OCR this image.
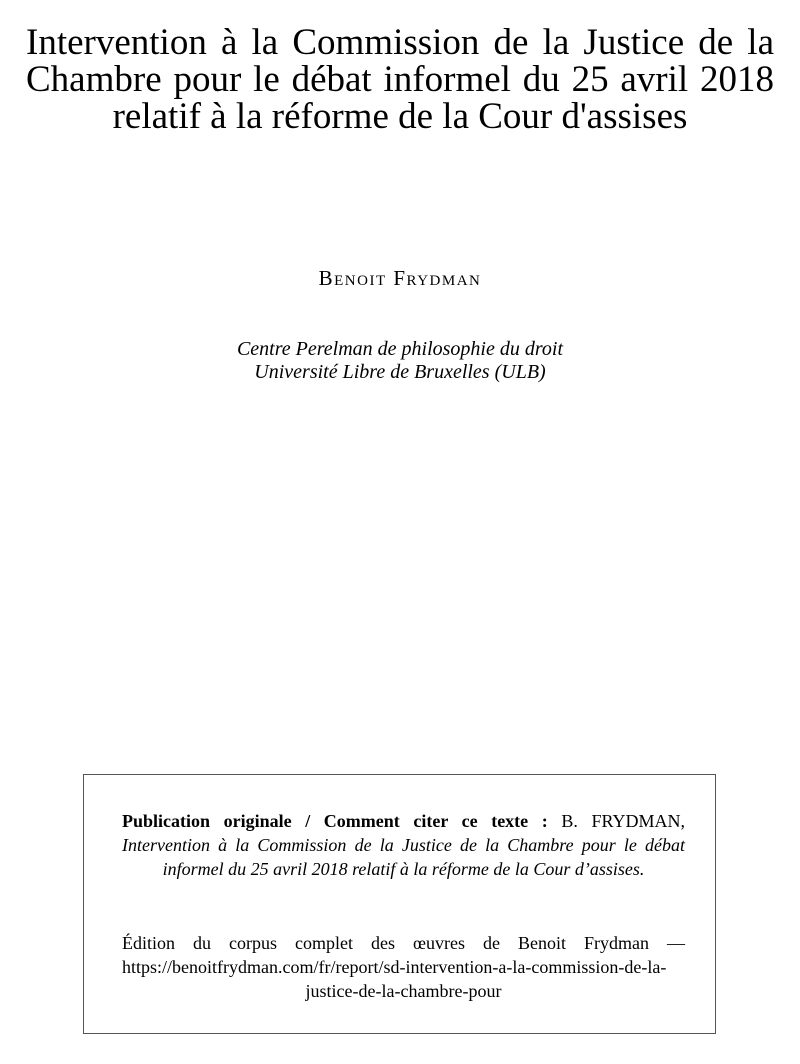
Intervention à la Commission de la Justice de la Chambre pour le débat informel du 25 avril 2018 relatif à la réforme de la Cour d'assises
Benoit Frydman
Centre Perelman de philosophie du droit
Université Libre de Bruxelles (ULB)

Publication originale / Comment citer ce texte : B. FRYDMAN, Intervention à la Commission de la Justice de la Chambre pour le débat informel du 25 avril 2018 relatif à la réforme de la Cour d’assises.

Édition du corpus complet des œuvres de Benoit Frydman — https://benoitfrydman.com/fr/report/sd-intervention-a-la-commission-de-la-justice-de-la-chambre-pour
